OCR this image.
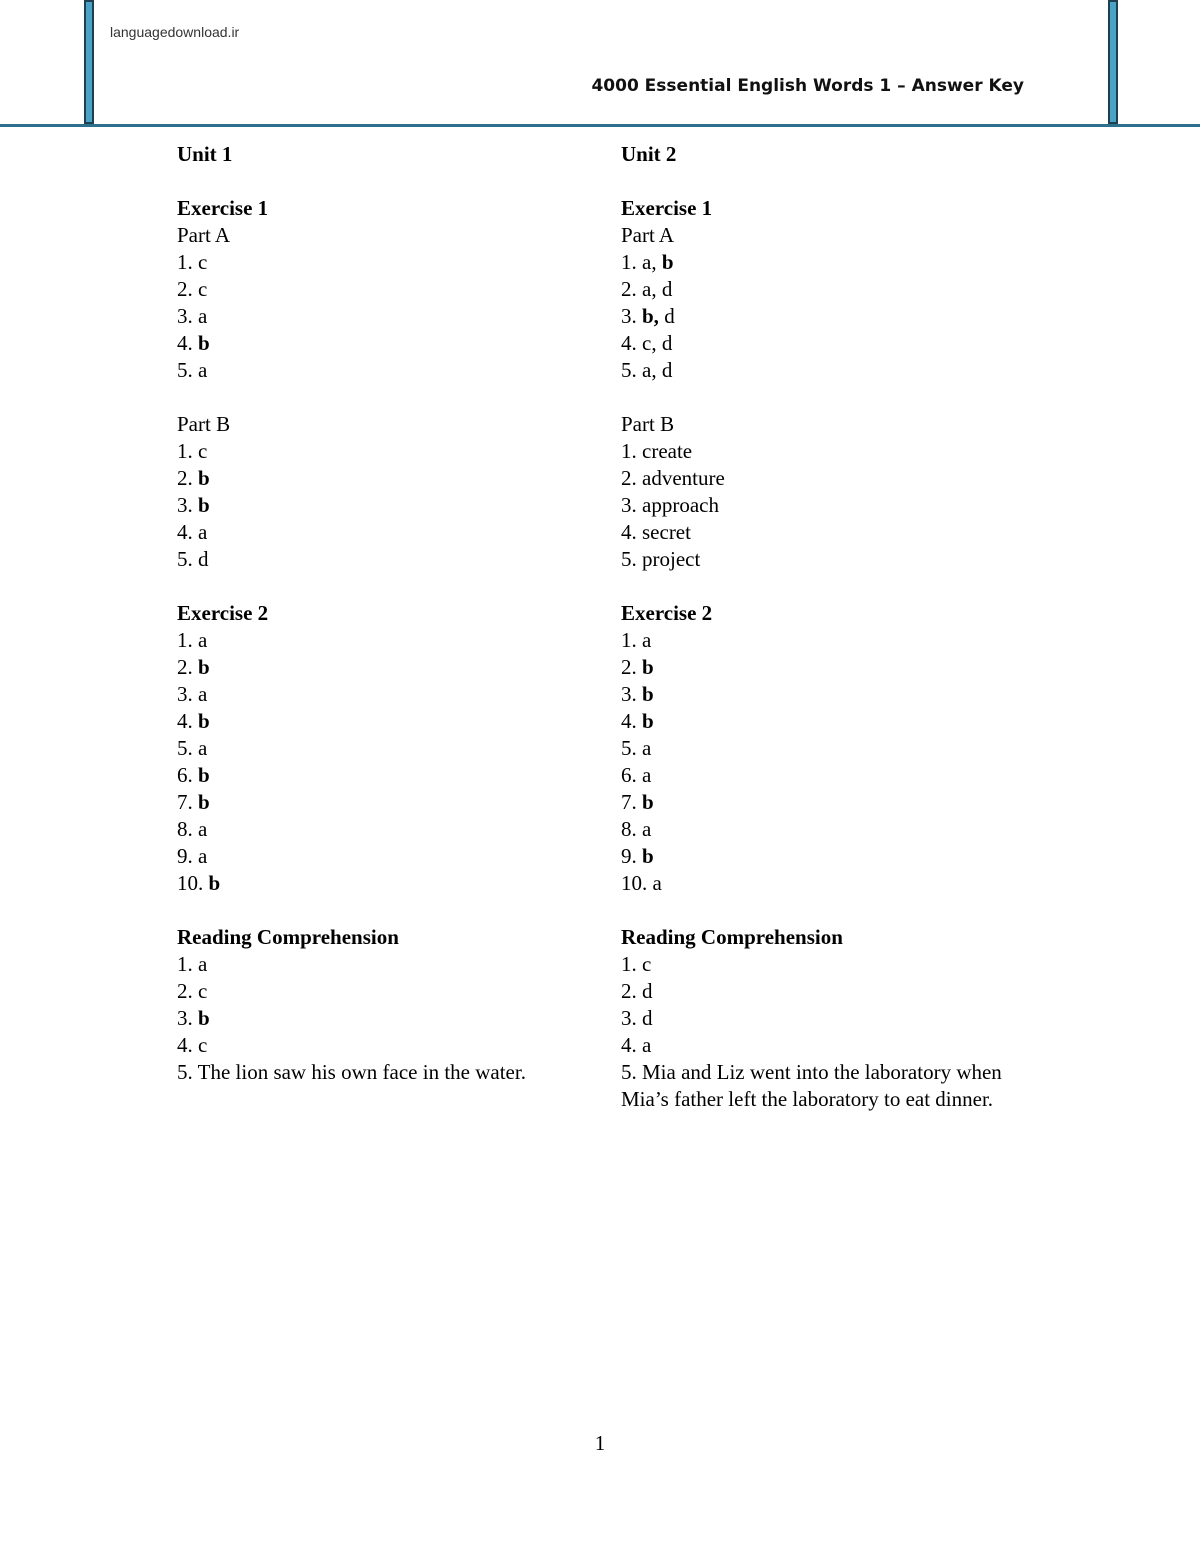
languagedownload.ir
4000 Essential English Words 1 – Answer Key
Unit 1
Exercise 1
Part A
1. c
2. c
3. a
4. b
5. a
Part B
1. c
2. b
3. b
4. a
5. d
Exercise 2
1. a
2. b
3. a
4. b
5. a
6. b
7. b
8. a
9. a
10. b
Reading Comprehension
1. a
2. c
3. b
4. c
5. The lion saw his own face in the water.
Unit 2
Exercise 1
Part A
1. a, b
2. a, d
3. b, d
4. c, d
5. a, d
Part B
1. create
2. adventure
3. approach
4. secret
5. project
Exercise 2
1. a
2. b
3. b
4. b
5. a
6. a
7. b
8. a
9. b
10. a
Reading Comprehension
1. c
2. d
3. d
4. a
5. Mia and Liz went into the laboratory when Mia’s father left the laboratory to eat dinner.
1
